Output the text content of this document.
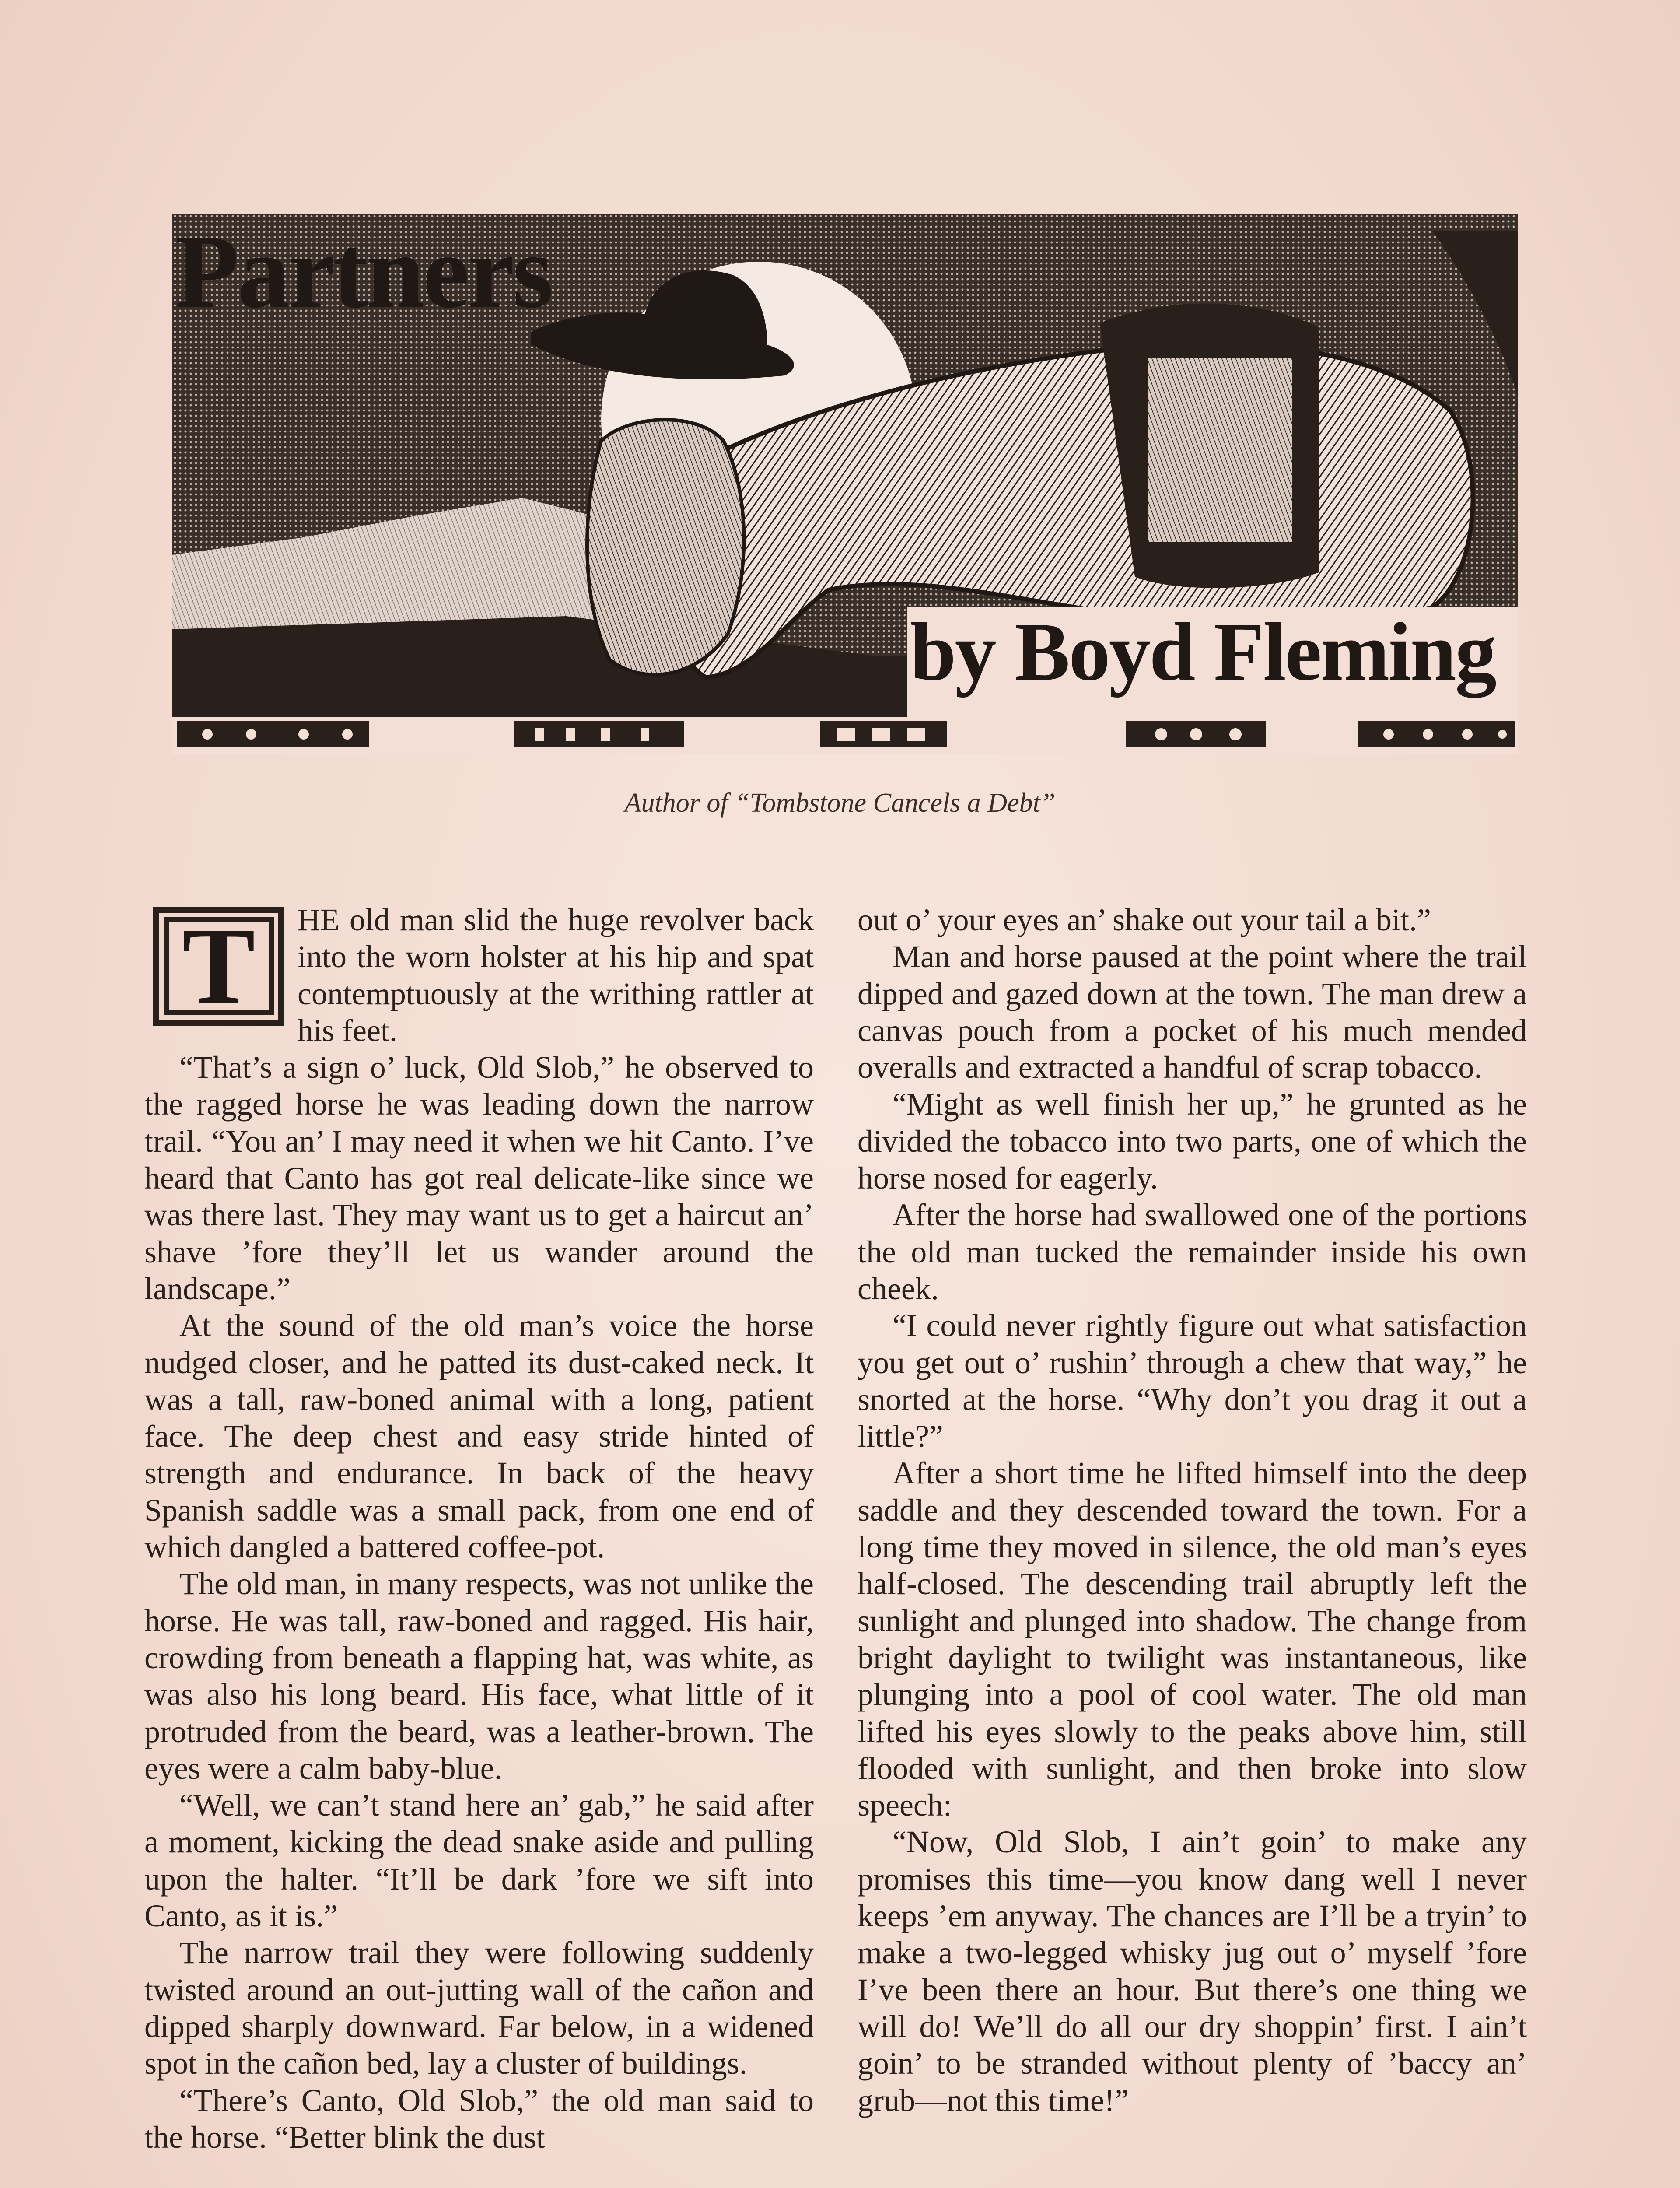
Partners
by Boyd Fleming
Author of “Tombstone Cancels a Debt”

T	HE old man slid the huge revolver back into the worn holster at his hip and spat contemptuously at the writhing rattler at his feet.

“That’s a sign o’ luck, Old Slob,” he observed to the ragged horse he was leading down the narrow trail. “You an’ I may need it when we hit Canto. I’ve heard that Canto has got real delicate-like since we was there last. They may want us to get a haircut an’ shave ’fore they’ll let us wander around the landscape.”

At the sound of the old man’s voice the horse nudged closer, and he patted its dust-caked neck. It was a tall, raw-boned animal with a long, patient face. The deep chest and easy stride hinted of strength and endurance. In back of the heavy Spanish saddle was a small pack, from one end of which dangled a battered coffee-pot.

The old man, in many respects, was not unlike the horse. He was tall, raw-boned and ragged. His hair, crowding from beneath a flapping hat, was white, as was also his long beard. His face, what little of it protruded from the beard, was a leather-brown. The eyes were a calm baby-blue.

“Well, we can’t stand here an’ gab,” he said after a moment, kicking the dead snake aside and pulling upon the halter. “It’ll be dark ’fore we sift into Canto, as it is.”

The narrow trail they were following suddenly twisted around an out-jutting wall of the cañon and dipped sharply downward. Far below, in a widened spot in the cañon bed, lay a cluster of buildings.

“There’s Canto, Old Slob,” the old man said to the horse. “Better blink the dust

out o’ your eyes an’ shake out your tail a bit.”

Man and horse paused at the point where the trail dipped and gazed down at the town. The man drew a canvas pouch from a pocket of his much mended overalls and extracted a handful of scrap tobacco.

“Might as well finish her up,” he grunted as he divided the tobacco into two parts, one of which the horse nosed for eagerly.

After the horse had swallowed one of the portions the old man tucked the remainder inside his own cheek.

“I could never rightly figure out what satisfaction you get out o’ rushin’ through a chew that way,” he snorted at the horse. “Why don’t you drag it out a little?”

After a short time he lifted himself into the deep saddle and they descended toward the town. For a long time they moved in silence, the old man’s eyes half-closed. The descending trail abruptly left the sunlight and plunged into shadow. The change from bright daylight to twilight was instantaneous, like plunging into a pool of cool water. The old man lifted his eyes slowly to the peaks above him, still flooded with sunlight, and then broke into slow speech:

“Now, Old Slob, I ain’t goin’ to make any promises this time—you know dang well I never keeps ’em anyway. The chances are I’ll be a tryin’ to make a two-legged whisky jug out o’ myself ’fore I’ve been there an hour. But there’s one thing we will do! We’ll do all our dry shoppin’ first. I ain’t goin’ to be stranded without plenty of ’baccy an’ grub—not this time!”
